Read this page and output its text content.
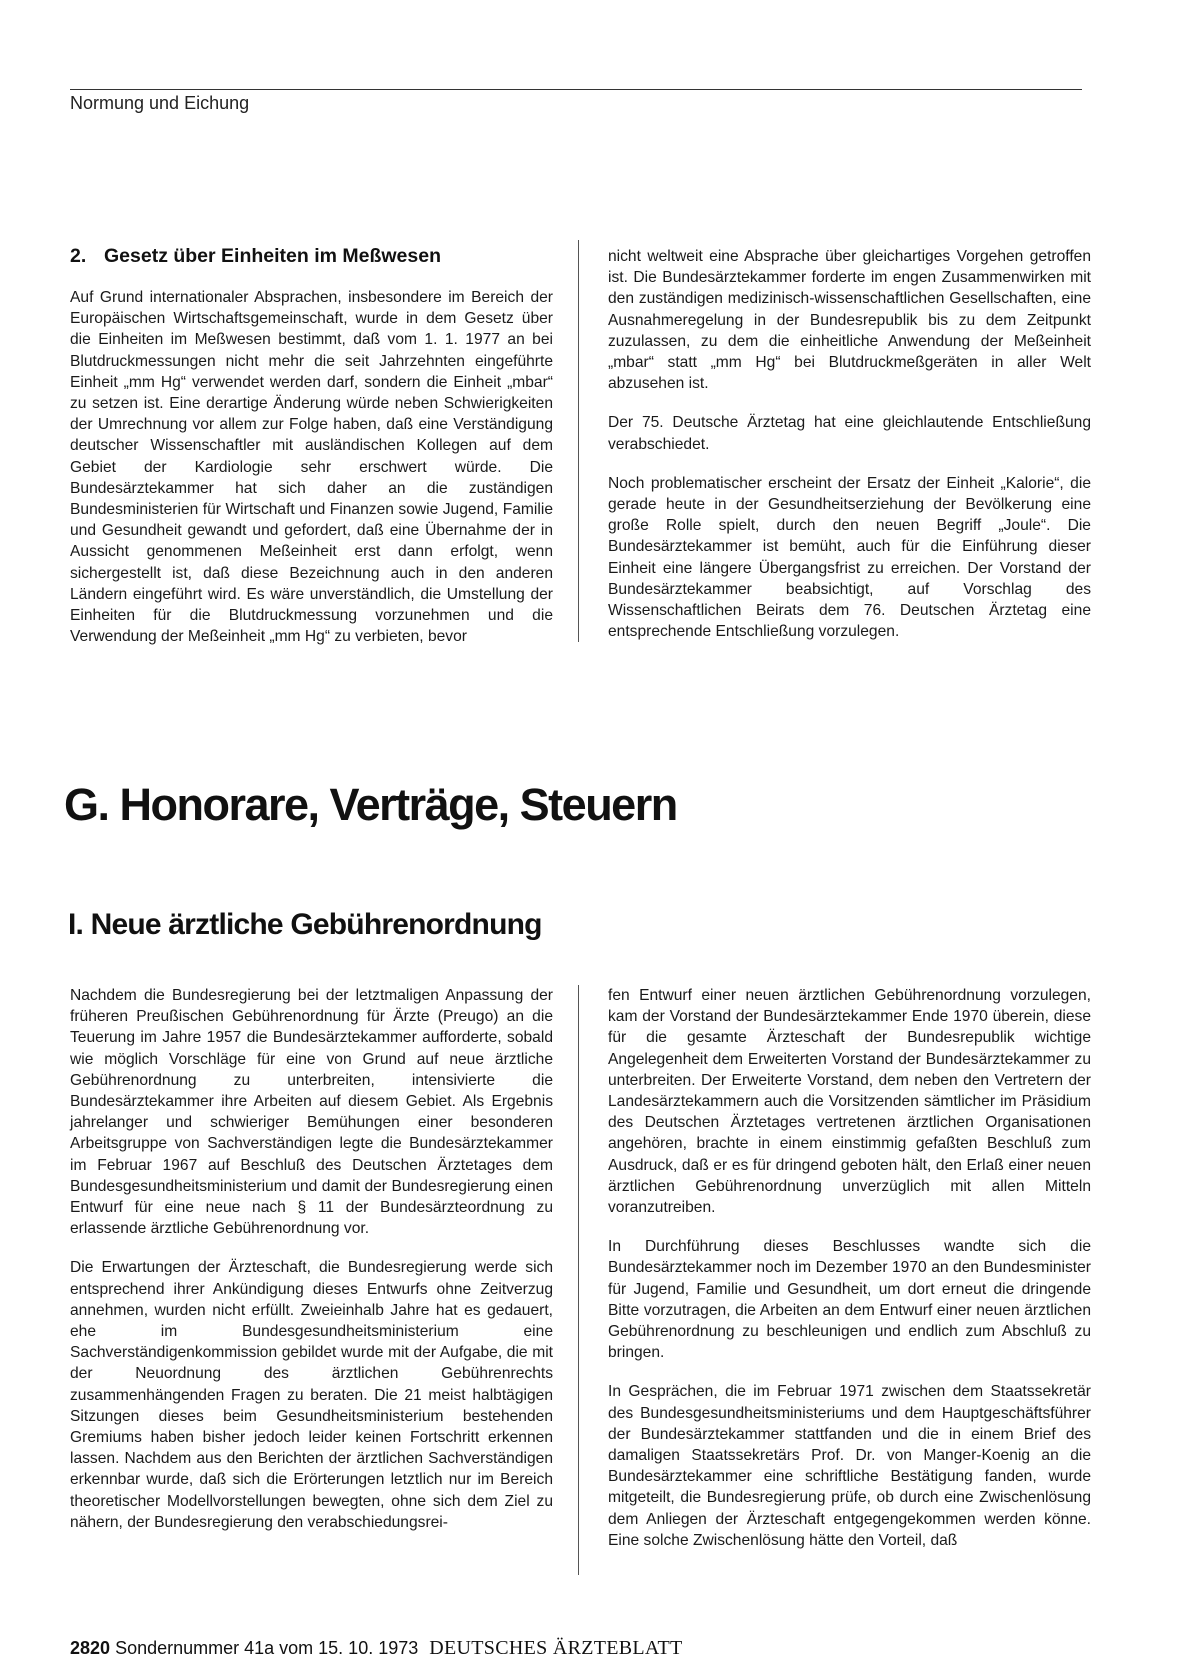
Normung und Eichung
2. Gesetz über Einheiten im Meßwesen

Auf Grund internationaler Absprachen, insbesondere im Bereich der Europäischen Wirtschaftsgemeinschaft, wurde in dem Gesetz über die Einheiten im Meßwesen bestimmt, daß vom 1. 1. 1977 an bei Blutdruckmessungen nicht mehr die seit Jahrzehnten eingeführte Einheit „mm Hg“ verwendet werden darf, sondern die Einheit „mbar“ zu setzen ist. Eine derartige Änderung würde neben Schwierigkeiten der Umrechnung vor allem zur Folge haben, daß eine Verständigung deutscher Wissenschaftler mit ausländischen Kollegen auf dem Gebiet der Kardiologie sehr erschwert würde. Die Bundesärztekammer hat sich daher an die zuständigen Bundesministerien für Wirtschaft und Finanzen sowie Jugend, Familie und Gesundheit gewandt und gefordert, daß eine Übernahme der in Aussicht genommenen Meßeinheit erst dann erfolgt, wenn sichergestellt ist, daß diese Bezeichnung auch in den anderen Ländern eingeführt wird. Es wäre unverständlich, die Umstellung der Einheiten für die Blutdruckmessung vorzunehmen und die Verwendung der Meßeinheit „mm Hg“ zu verbieten, bevor

nicht weltweit eine Absprache über gleichartiges Vorgehen getroffen ist. Die Bundesärztekammer forderte im engen Zusammenwirken mit den zuständigen medizinisch-wissenschaftlichen Gesellschaften, eine Ausnahmeregelung in der Bundesrepublik bis zu dem Zeitpunkt zuzulassen, zu dem die einheitliche Anwendung der Meßeinheit „mbar“ statt „mm Hg“ bei Blutdruckmeßgeräten in aller Welt abzusehen ist.

Der 75. Deutsche Ärztetag hat eine gleichlautende Entschließung verabschiedet.

Noch problematischer erscheint der Ersatz der Einheit „Kalorie“, die gerade heute in der Gesundheitserziehung der Bevölkerung eine große Rolle spielt, durch den neuen Begriff „Joule“. Die Bundesärztekammer ist bemüht, auch für die Einführung dieser Einheit eine längere Übergangsfrist zu erreichen. Der Vorstand der Bundesärztekammer beabsichtigt, auf Vorschlag des Wissenschaftlichen Beirats dem 76. Deutschen Ärztetag eine entsprechende Entschließung vorzulegen.

G. Honorare, Verträge, Steuern
I. Neue ärztliche Gebührenordnung

Nachdem die Bundesregierung bei der letztmaligen Anpassung der früheren Preußischen Gebührenordnung für Ärzte (Preugo) an die Teuerung im Jahre 1957 die Bundesärztekammer aufforderte, sobald wie möglich Vorschläge für eine von Grund auf neue ärztliche Gebührenordnung zu unterbreiten, intensivierte die Bundesärztekammer ihre Arbeiten auf diesem Gebiet. Als Ergebnis jahrelanger und schwieriger Bemühungen einer besonderen Arbeitsgruppe von Sachverständigen legte die Bundesärztekammer im Februar 1967 auf Beschluß des Deutschen Ärztetages dem Bundesgesundheitsministerium und damit der Bundesregierung einen Entwurf für eine neue nach § 11 der Bundesärzteordnung zu erlassende ärztliche Gebührenordnung vor.

Die Erwartungen der Ärzteschaft, die Bundesregierung werde sich entsprechend ihrer Ankündigung dieses Entwurfs ohne Zeitverzug annehmen, wurden nicht erfüllt. Zweieinhalb Jahre hat es gedauert, ehe im Bundesgesundheitsministerium eine Sachverständigenkommission gebildet wurde mit der Aufgabe, die mit der Neuordnung des ärztlichen Gebührenrechts zusammenhängenden Fragen zu beraten. Die 21 meist halbtägigen Sitzungen dieses beim Gesundheitsministerium bestehenden Gremiums haben bisher jedoch leider keinen Fortschritt erkennen lassen. Nachdem aus den Berichten der ärztlichen Sachverständigen erkennbar wurde, daß sich die Erörterungen letztlich nur im Bereich theoretischer Modellvorstellungen bewegten, ohne sich dem Ziel zu nähern, der Bundesregierung den verabschiedungsrei-

fen Entwurf einer neuen ärztlichen Gebührenordnung vorzulegen, kam der Vorstand der Bundesärztekammer Ende 1970 überein, diese für die gesamte Ärzteschaft der Bundesrepublik wichtige Angelegenheit dem Erweiterten Vorstand der Bundesärztekammer zu unterbreiten. Der Erweiterte Vorstand, dem neben den Vertretern der Landesärztekammern auch die Vorsitzenden sämtlicher im Präsidium des Deutschen Ärztetages vertretenen ärztlichen Organisationen angehören, brachte in einem einstimmig gefaßten Beschluß zum Ausdruck, daß er es für dringend geboten hält, den Erlaß einer neuen ärztlichen Gebührenordnung unverzüglich mit allen Mitteln voranzutreiben.

In Durchführung dieses Beschlusses wandte sich die Bundesärztekammer noch im Dezember 1970 an den Bundesminister für Jugend, Familie und Gesundheit, um dort erneut die dringende Bitte vorzutragen, die Arbeiten an dem Entwurf einer neuen ärztlichen Gebührenordnung zu beschleunigen und endlich zum Abschluß zu bringen.

In Gesprächen, die im Februar 1971 zwischen dem Staatssekretär des Bundesgesundheitsministeriums und dem Hauptgeschäftsführer der Bundesärztekammer stattfanden und die in einem Brief des damaligen Staatssekretärs Prof. Dr. von Manger-Koenig an die Bundesärztekammer eine schriftliche Bestätigung fanden, wurde mitgeteilt, die Bundesregierung prüfe, ob durch eine Zwischenlösung dem Anliegen der Ärzteschaft entgegengekommen werden könne. Eine solche Zwischenlösung hätte den Vorteil, daß

2820 Sondernummer 41a vom 15. 10. 1973 DEUTSCHES ÄRZTEBLATT
